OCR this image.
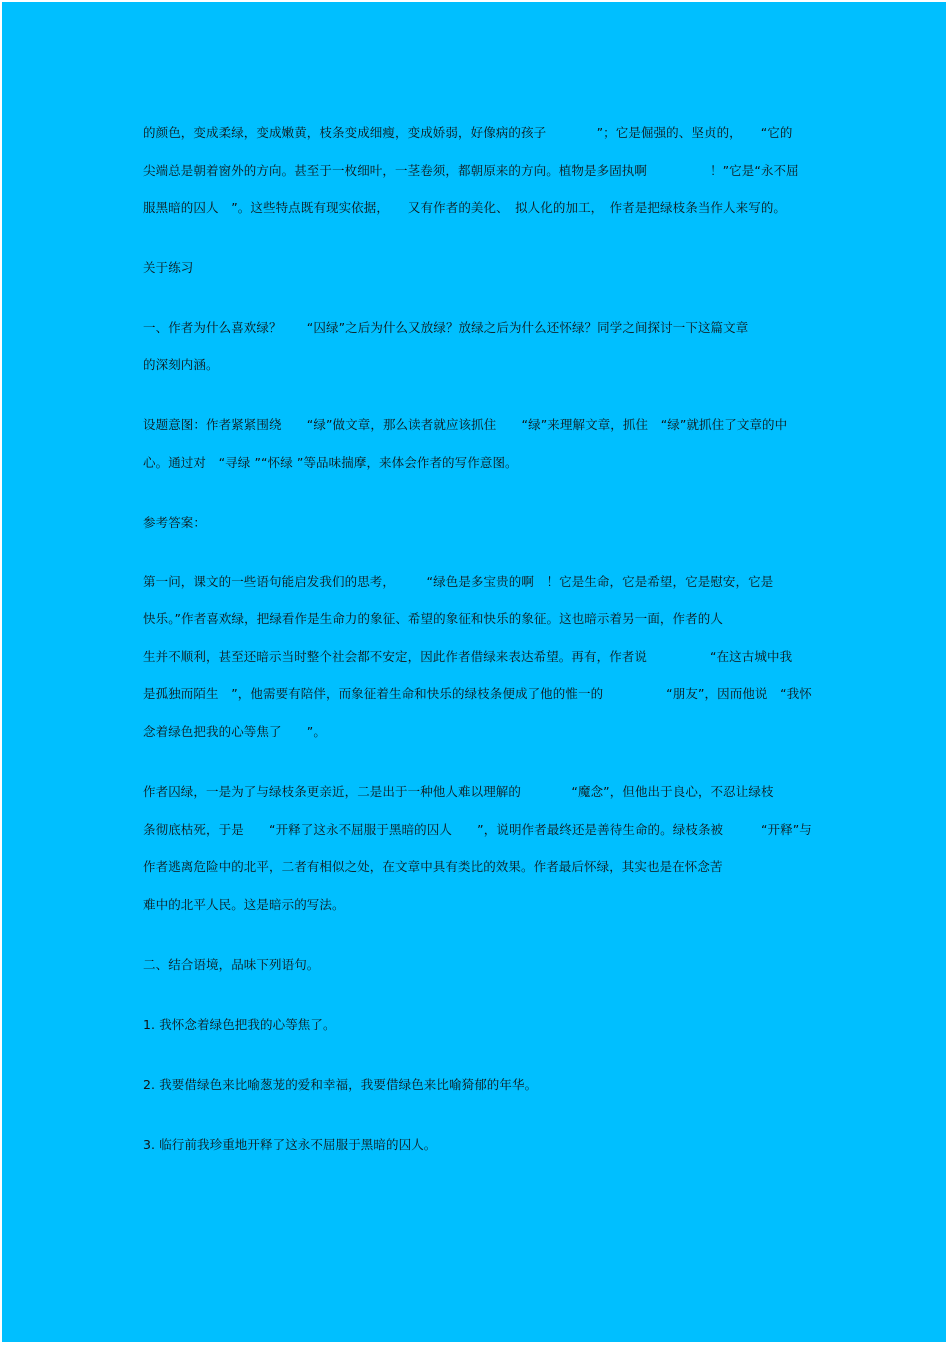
的颜色，变成柔绿，变成嫩黄，枝条变成细瘦，变成娇弱，好像病的孩子　　　　”；它是倔强的、坚贞的，　　“它的
尖端总是朝着窗外的方向。甚至于一枚细叶，一茎卷须，都朝原来的方向。植物是多固执啊　　　　　！”它是“永不屈
服黑暗的囚人　”。这些特点既有现实依据，　　又有作者的美化、　拟人化的加工，　作者是把绿枝条当作人来写的。
关于练习
一、作者为什么喜欢绿？　　“囚绿”之后为什么又放绿？放绿之后为什么还怀绿？同学之间探讨一下这篇文章
的深刻内涵。
设题意图：作者紧紧围绕　　“绿”做文章，那么读者就应该抓住　　“绿”来理解文章，抓住　“绿”就抓住了文章的中
心。通过对　“寻绿 ”“怀绿 ”等品味揣摩，来体会作者的写作意图。
参考答案：
第一问，课文的一些语句能启发我们的思考，　　　“绿色是多宝贵的啊　！它是生命，它是希望，它是慰安，它是
快乐。”作者喜欢绿，把绿看作是生命力的象征、希望的象征和快乐的象征。这也暗示着另一面，作者的人
生并不顺利，甚至还暗示当时整个社会都不安定，因此作者借绿来表达希望。再有，作者说　　　　　“在这古城中我
是孤独而陌生　”，他需要有陪伴，而象征着生命和快乐的绿枝条便成了他的惟一的　　　　　“朋友”，因而他说　“我怀
念着绿色把我的心等焦了　　”。
作者囚绿，一是为了与绿枝条更亲近，二是出于一种他人难以理解的　　　　“魔念”，但他出于良心，不忍让绿枝
条彻底枯死，于是　　“开释了这永不屈服于黑暗的囚人　　”，说明作者最终还是善待生命的。绿枝条被　　　“开释”与
作者逃离危险中的北平，二者有相似之处，在文章中具有类比的效果。作者最后怀绿，其实也是在怀念苦
难中的北平人民。这是暗示的写法。
二、结合语境，品味下列语句。
1. 我怀念着绿色把我的心等焦了。
2. 我要借绿色来比喻葱茏的爱和幸福，我要借绿色来比喻猗郁的年华。
3. 临行前我珍重地开释了这永不屈服于黑暗的囚人。
